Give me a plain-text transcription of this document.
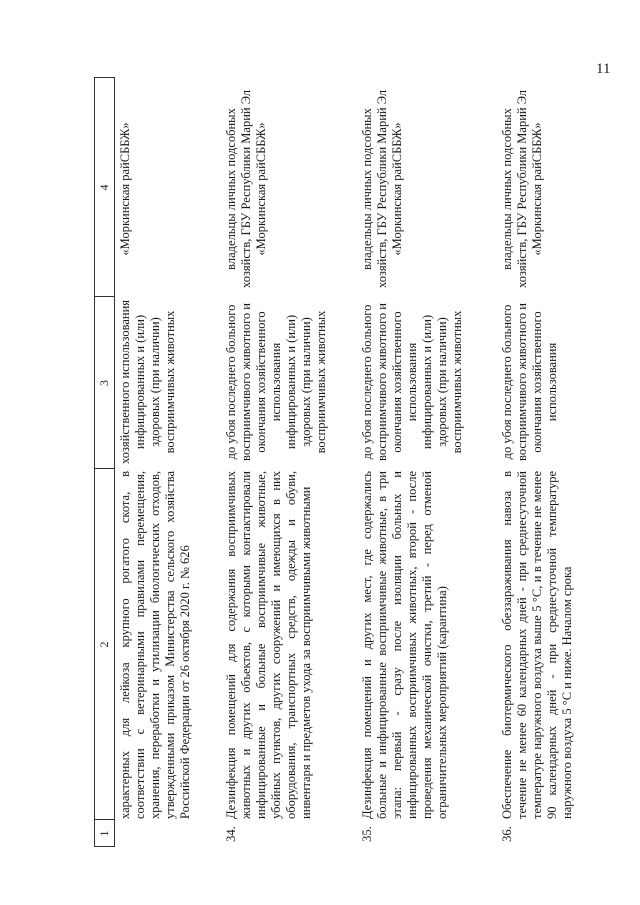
11
1
2
3
4
характерных для лейкоза крупного рогатого скота, в соответствии с ветеринарными правилами перемещения, хранения, переработки и утилизации биологических отходов, утвержденными приказом Министерства сельского хозяйства Российской Федерации от 26 октября 2020 г. № 626
хозяйственного использования инфицированных и (или) здоровых (при наличии) восприимчивых животных
«Моркинская райСББЖ»
34.
Дезинфекция помещений для содержания восприимчивых животных и других объектов, с которыми контактировали инфицированные и больные восприимчивые животные, убойных пунктов, других сооружений и имеющихся в них оборудования, транспортных средств, одежды и обуви, инвентаря и предметов ухода за восприимчивыми животными
до убоя последнего больного восприимчивого животного и окончания хозяйственного использования инфицированных и (или) здоровых (при наличии) восприимчивых животных
владельцы личных подсобных хозяйств, ГБУ Республики Марий Эл «Моркинская райСББЖ»
35.
Дезинфекция помещений и других мест, где содержались больные и инфицированные восприимчивые животные, в три этапа: первый - сразу после изоляции больных и инфицированных восприимчивых животных, второй - после проведения механической очистки, третий - перед отменой ограничительных мероприятий (карантина)
до убоя последнего больного восприимчивого животного и окончания хозяйственного использования инфицированных и (или) здоровых (при наличии) восприимчивых животных
владельцы личных подсобных хозяйств, ГБУ Республики Марий Эл «Моркинская райСББЖ»
36.
Обеспечение биотермического обеззараживания навоза в течение не менее 60 календарных дней - при среднесуточной температуре наружного воздуха выше 5 °C, и в течение не менее 90 календарных дней - при среднесуточной температуре наружного воздуха 5 °C и ниже. Началом срока
до убоя последнего больного восприимчивого животного и окончания хозяйственного использования
владельцы личных подсобных хозяйств, ГБУ Республики Марий Эл «Моркинская райСББЖ»
